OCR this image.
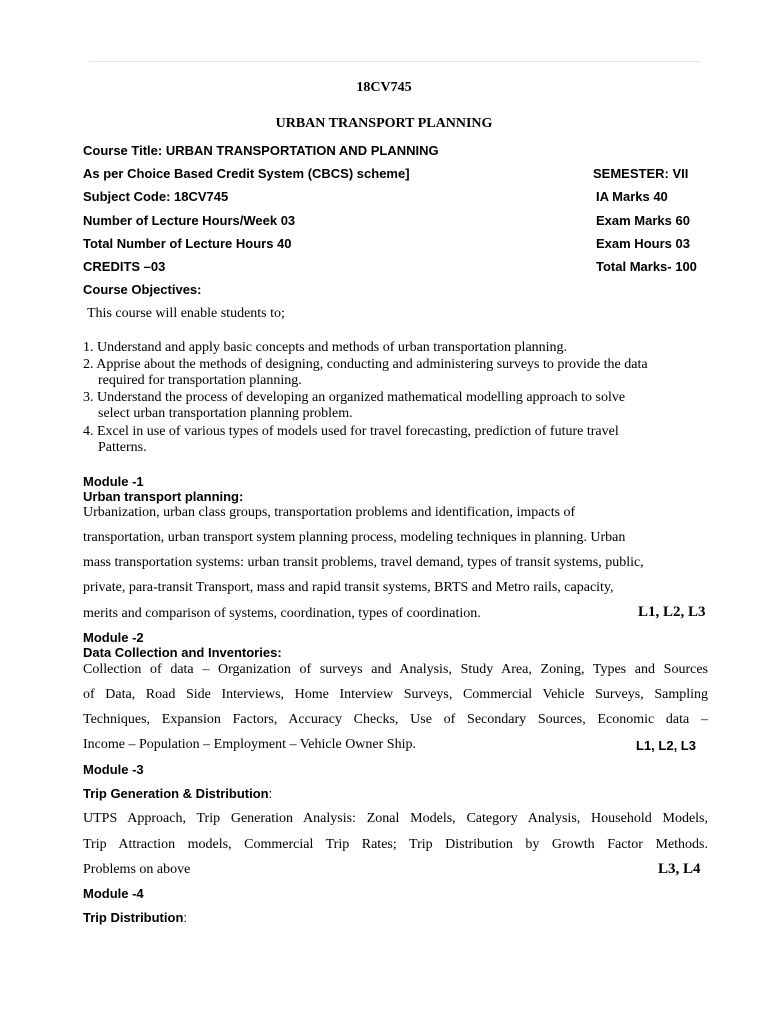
18CV745
URBAN TRANSPORT PLANNING
Course Title: URBAN TRANSPORTATION AND PLANNING
As per Choice Based Credit System (CBCS) scheme]	SEMESTER: VII
Subject Code: 18CV745	IA Marks 40
Number of Lecture Hours/Week 03	Exam Marks 60
Total Number of Lecture Hours 40	Exam Hours 03
CREDITS –03	Total Marks- 100
Course Objectives:
This course will enable students to;
1. Understand and apply basic concepts and methods of urban transportation planning.
2. Apprise about the methods of designing, conducting and administering surveys to provide the data
required for transportation planning.
3. Understand the process of developing an organized mathematical modelling approach to solve
select urban transportation planning problem.
4. Excel in use of various types of models used for travel forecasting, prediction of future travel
Patterns.
Module -1
Urban transport planning:
Urbanization, urban class groups, transportation problems and identification, impacts of
transportation, urban transport system planning process, modeling techniques in planning. Urban
mass transportation systems: urban transit problems, travel demand, types of transit systems, public,
private, para-transit Transport, mass and rapid transit systems, BRTS and Metro rails, capacity,
merits and comparison of systems, coordination, types of coordination.	L1, L2, L3
Module -2
Data Collection and Inventories:
Collection of data – Organization of surveys and Analysis, Study Area, Zoning, Types and Sources
of Data, Road Side Interviews, Home Interview Surveys, Commercial Vehicle Surveys, Sampling
Techniques, Expansion Factors, Accuracy Checks, Use of Secondary Sources, Economic data –
Income – Population – Employment – Vehicle Owner Ship.	L1, L2, L3
Module -3
Trip Generation & Distribution:
UTPS Approach, Trip Generation Analysis: Zonal Models, Category Analysis, Household Models,
Trip Attraction models, Commercial Trip Rates; Trip Distribution by Growth Factor Methods.
Problems on above	L3, L4
Module -4
Trip Distribution:
